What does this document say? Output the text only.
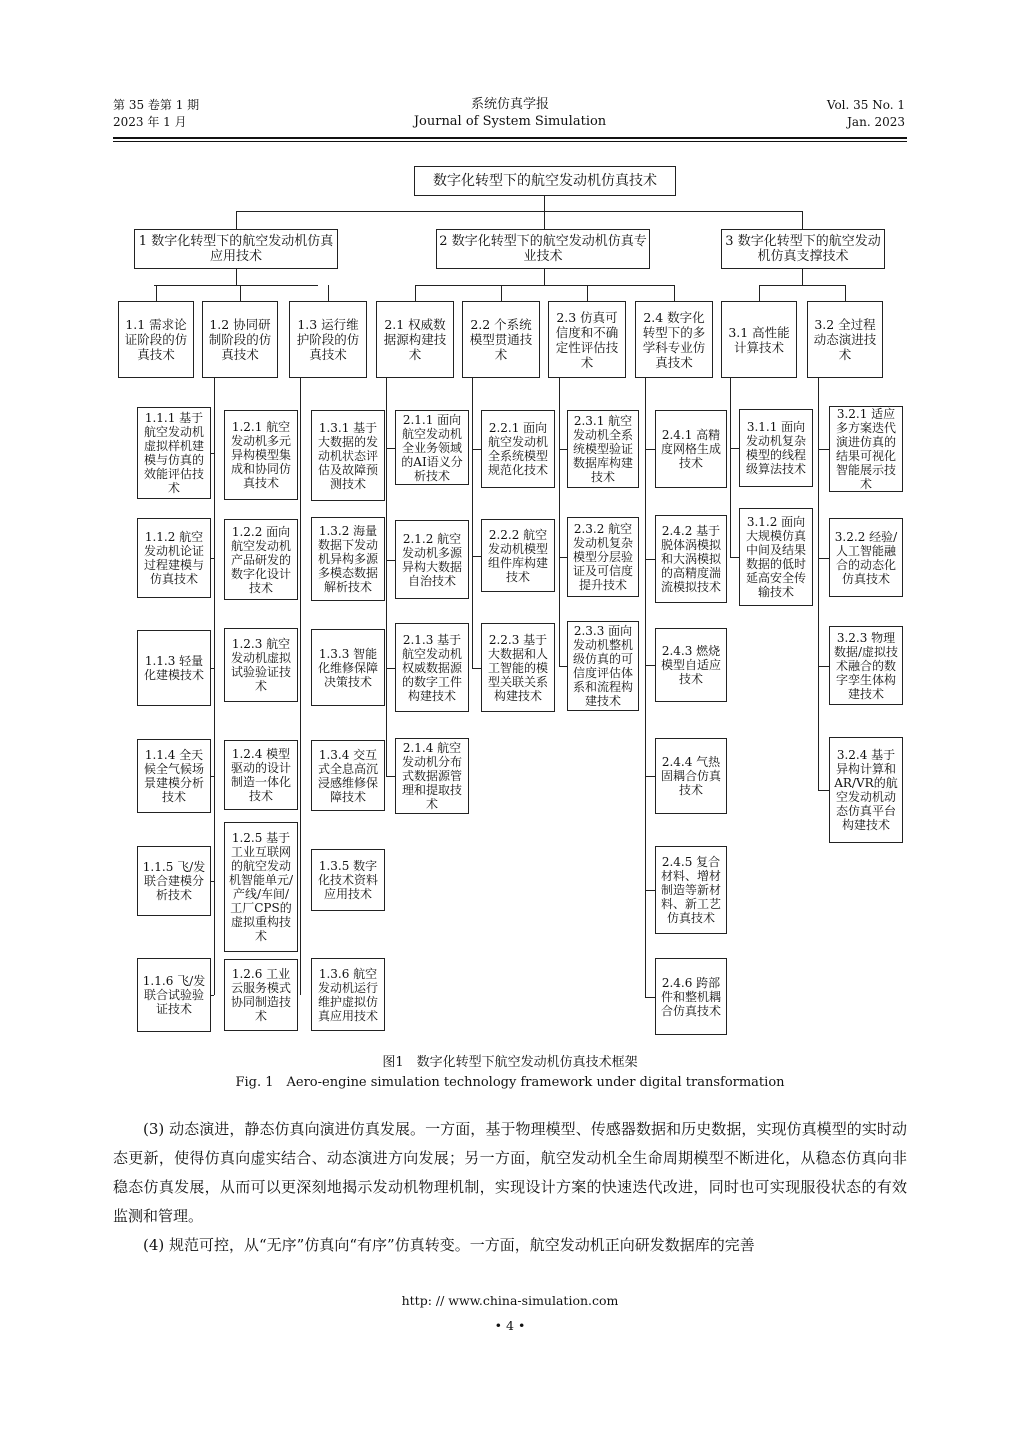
第 35 卷第 1 期
2023 年 1 月
系统仿真学报
Journal of System Simulation
Vol. 35 No. 1
Jan. 2023
数字化转型下的航空发动机仿真技术
1 数字化转型下的航空发动机仿真应用技术
2 数字化转型下的航空发动机仿真专业技术
3 数字化转型下的航空发动机仿真支撑技术
1.1 需求论证阶段的仿真技术
1.2 协同研制阶段的仿真技术
1.3 运行维护阶段的仿真技术
2.1 权威数据源构建技术
2.2 个系统模型贯通技术
2.3 仿真可信度和不确定性评估技术
2.4 数字化转型下的多学科专业仿真技术
3.1 高性能计算技术
3.2 全过程动态演进技术
1.1.1 基于航空发动机虚拟样机建模与仿真的效能评估技术
1.1.2 航空发动机论证过程建模与仿真技术
1.1.3 轻量化建模技术
1.1.4 全天候全气候场景建模分析技术
1.1.5 飞/发联合建模分析技术
1.1.6 飞/发联合试验验证技术
1.2.1 航空发动机多元异构模型集成和协同仿真技术
1.2.2 面向航空发动机产品研发的数字化设计技术
1.2.3 航空发动机虚拟试验验证技术
1.2.4 模型驱动的设计制造一体化技术
1.2.5 基于工业互联网的航空发动机智能单元/产线/车间/工厂CPS的虚拟重构技术
1.2.6 工业云服务模式协同制造技术
1.3.1 基于大数据的发动机状态评估及故障预测技术
1.3.2 海量数据下发动机异构多源多模态数据解析技术
1.3.3 智能化维修保障决策技术
1.3.4 交互式全息高沉浸感维修保障技术
1.3.5 数字化技术资料应用技术
1.3.6 航空发动机运行维护虚拟仿真应用技术
2.1.1 面向航空发动机全业务领域的AI语义分析技术
2.1.2 航空发动机多源异构大数据自治技术
2.1.3 基于航空发动机权威数据源的数字工件构建技术
2.1.4 航空发动机分布式数据源管理和提取技术
2.2.1 面向航空发动机全系统模型规范化技术
2.2.2 航空发动机模型组件库构建技术
2.2.3 基于大数据和人工智能的模型关联关系构建技术
2.3.1 航空发动机全系统模型验证数据库构建技术
2.3.2 航空发动机复杂模型分层验证及可信度提升技术
2.3.3 面向发动机整机级仿真的可信度评估体系和流程构建技术
2.4.1 高精度网格生成技术
2.4.2 基于脱体涡模拟和大涡模拟的高精度湍流模拟技术
2.4.3 燃烧模型自适应技术
2.4.4 气热固耦合仿真技术
2.4.5 复合材料、增材制造等新材料、新工艺仿真技术
2.4.6 跨部件和整机耦合仿真技术
3.1.1 面向发动机复杂模型的线程级算法技术
3.1.2 面向大规模仿真中间及结果数据的低时延高安全传输技术
3.2.1 适应多方案迭代演进仿真的结果可视化智能展示技术
3.2.2 经验/人工智能融合的动态化仿真技术
3.2.3 物理数据/虚拟技术融合的数字孪生体构建技术
3.2.4 基于异构计算和AR/VR的航空发动机动态仿真平台构建技术
图1　数字化转型下航空发动机仿真技术框架
Fig. 1　Aero-engine simulation technology framework under digital transformation

(3) 动态演进，静态仿真向演进仿真发展。一方面，基于物理模型、传感器数据和历史数据，实现仿真模型的实时动态更新，使得仿真向虚实结合、动态演进方向发展；另一方面，航空发动机全生命周期模型不断进化，从稳态仿真向非稳态仿真发展，从而可以更深刻地揭示发动机物理机制，实现设计方案的快速迭代改进，同时也可实现服役状态的有效监测和管理。

(4) 规范可控，从“无序”仿真向“有序”仿真转变。一方面，航空发动机正向研发数据库的完善

http: // www.china-simulation.com
• 4 •
